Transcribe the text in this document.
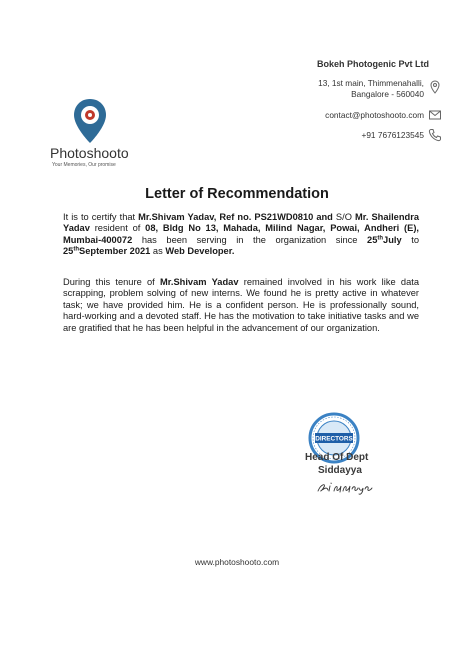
Photoshooto
Your Memories, Our promise
Bokeh Photogenic Pvt Ltd
13, 1st main, Thimmenahalli,
Bangalore - 560040
contact@photoshooto.com
+91 7676123545
Letter of Recommendation
It is to certify that Mr.Shivam Yadav, Ref no. PS21WD0810 and S/O Mr. Shailendra Yadav resident of 08, Bldg No 13, Mahada, Milind Nagar, Powai, Andheri (E), Mumbai-400072 has been serving in the organization since 25thJuly to 25thSeptember 2021 as Web Developer.
During this tenure of Mr.Shivam Yadav remained involved in his work like data scrapping, problem solving of new interns. We found he is pretty active in whatever task; we have provided him. He is a confident person. He is professionally sound, hard-working and a devoted staff. He has the motivation to take initiative tasks and we are gratified that he has been helpful in the advancement of our organization.
DIRECTORS
Head Of Dept
Siddayya
www.photoshooto.com
